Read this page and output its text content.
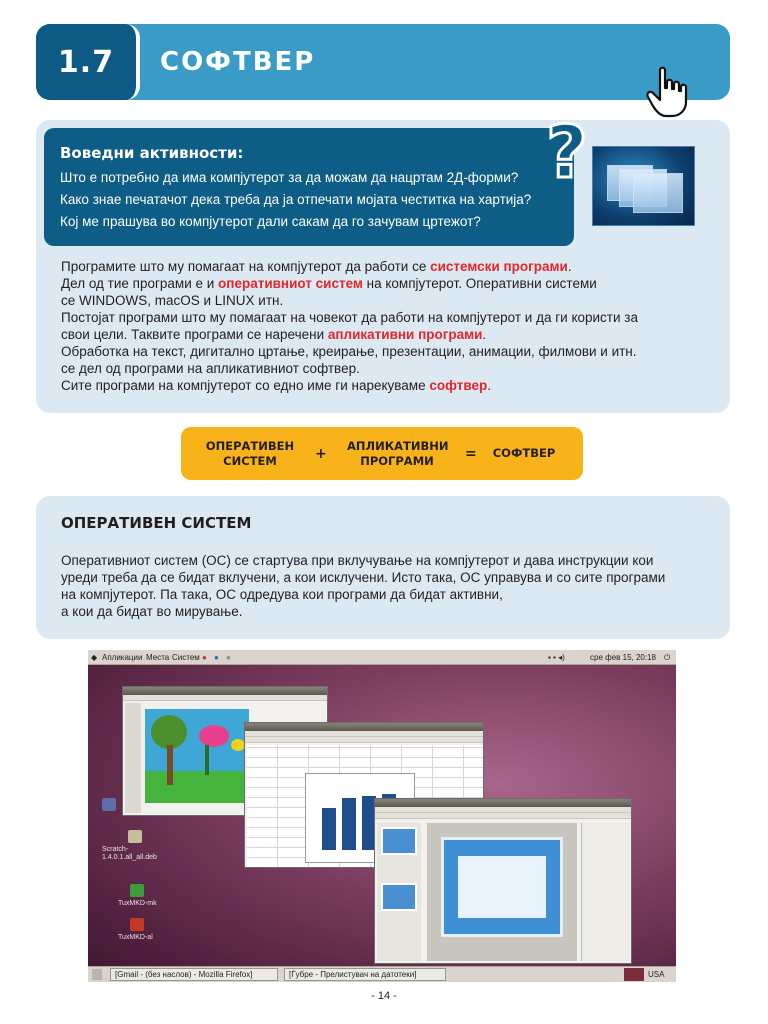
1.7	СОФТВЕР
Воведни активности:
Што е потребно да има компјутерот за да можам да нацртам 2Д-форми?
Како знае печатачот дека треба да ја отпечати мојата честитка на хартија?
Кој ме прашува во компјутерот дали сакам да го зачувам цртежот?
?
Програмите што му помагаат на компјутерот да работи се системски програми.
Дел од тие програми е и оперативниот систем на компјутерот. Оперативни системи
се WINDOWS, macOS и LINUX итн.
Постојат програми што му помагаат на човекот да работи на компјутерот и да ги користи за
свои цели. Таквите програми се наречени апликативни програми.
Обработка на текст, дигитално цртање, креирање, презентации, анимации, филмови и итн.
се дел од програми на апликативниот софтвер.
Сите програми на компјутерот со едно име ги нарекуваме софтвер.
ОПЕРАТИВЕН
СИСТЕМ	+ АПЛИКАТИВНИ
ПРОГРАМИ	=	СОФТВЕР
ОПЕРАТИВЕН СИСТЕМ
Оперативниот систем (ОС) се стартува при вклучување на компјутерот и дава инструкции кои
уреди треба да се бидат вклучени, а кои исклучени. Исто така, ОС управува и со сите програми
на компјутерот. Па така, ОС одредува кои програми да бидат активни,
а кои да бидат во мирување.
◆ Апликации Места Систем ● ● ●	▪ ▪ ◂)	сре фев 15, 20:18 ⏻
Scratch-1.4.0.1.all_all.deb
TuxMKD-mk
TuxMKD-al
[Gmail - (без наслов) - Mozilla Firefox]	[Ѓубре - Прелистувач на датотеки]	USA
- 14 -
